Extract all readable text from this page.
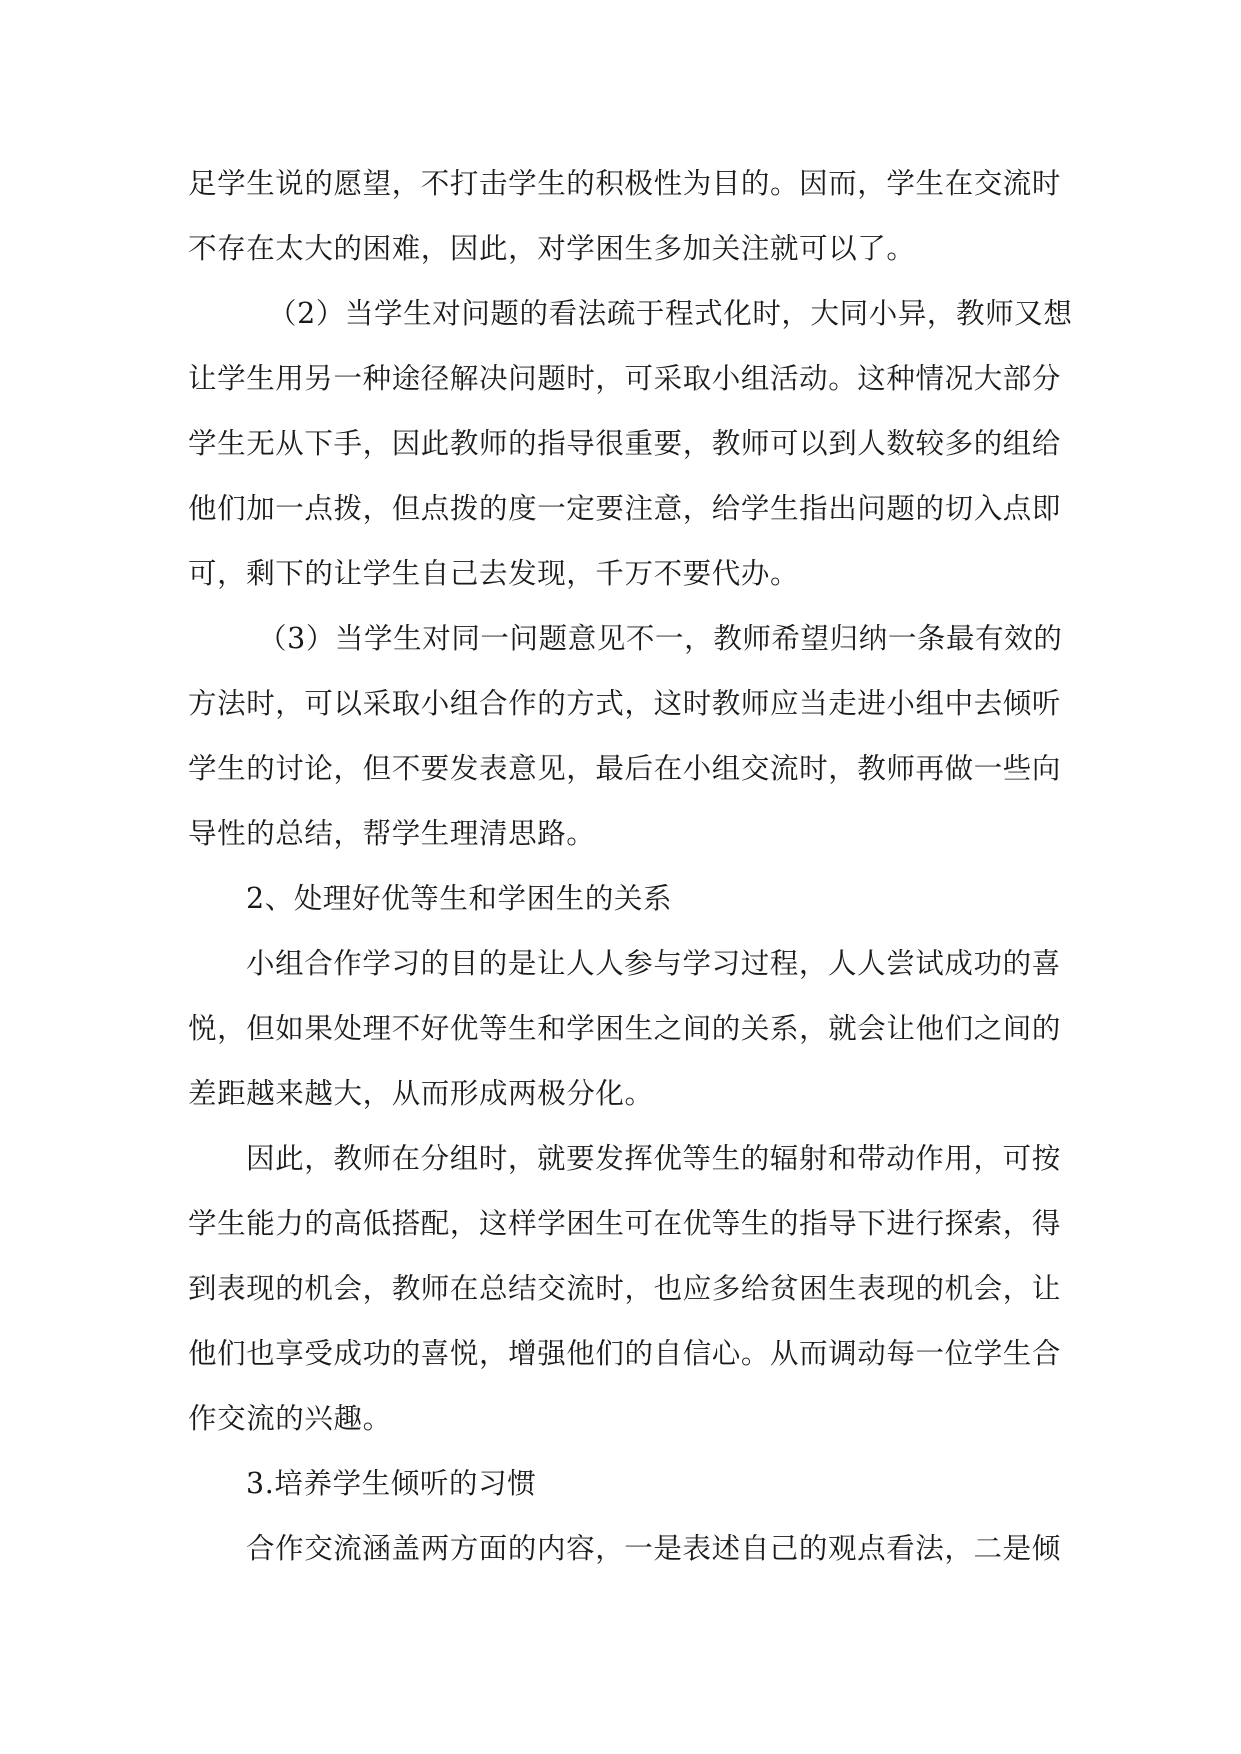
足学生说的愿望，不打击学生的积极性为目的。因而，学生在交流时
不存在太大的困难，因此，对学困生多加关注就可以了。
（2）当学生对问题的看法疏于程式化时，大同小异，教师又想
让学生用另一种途径解决问题时，可采取小组活动。这种情况大部分
学生无从下手，因此教师的指导很重要，教师可以到人数较多的组给
他们加一点拨，但点拨的度一定要注意，给学生指出问题的切入点即
可，剩下的让学生自己去发现，千万不要代办。
（3）当学生对同一问题意见不一，教师希望归纳一条最有效的
方法时，可以采取小组合作的方式，这时教师应当走进小组中去倾听
学生的讨论，但不要发表意见，最后在小组交流时，教师再做一些向
导性的总结，帮学生理清思路。
2、处理好优等生和学困生的关系
小组合作学习的目的是让人人参与学习过程，人人尝试成功的喜
悦，但如果处理不好优等生和学困生之间的关系，就会让他们之间的
差距越来越大，从而形成两极分化。
因此，教师在分组时，就要发挥优等生的辐射和带动作用，可按
学生能力的高低搭配，这样学困生可在优等生的指导下进行探索，得
到表现的机会，教师在总结交流时，也应多给贫困生表现的机会，让
他们也享受成功的喜悦，增强他们的自信心。从而调动每一位学生合
作交流的兴趣。
3.培养学生倾听的习惯
合作交流涵盖两方面的内容，一是表述自己的观点看法，二是倾
